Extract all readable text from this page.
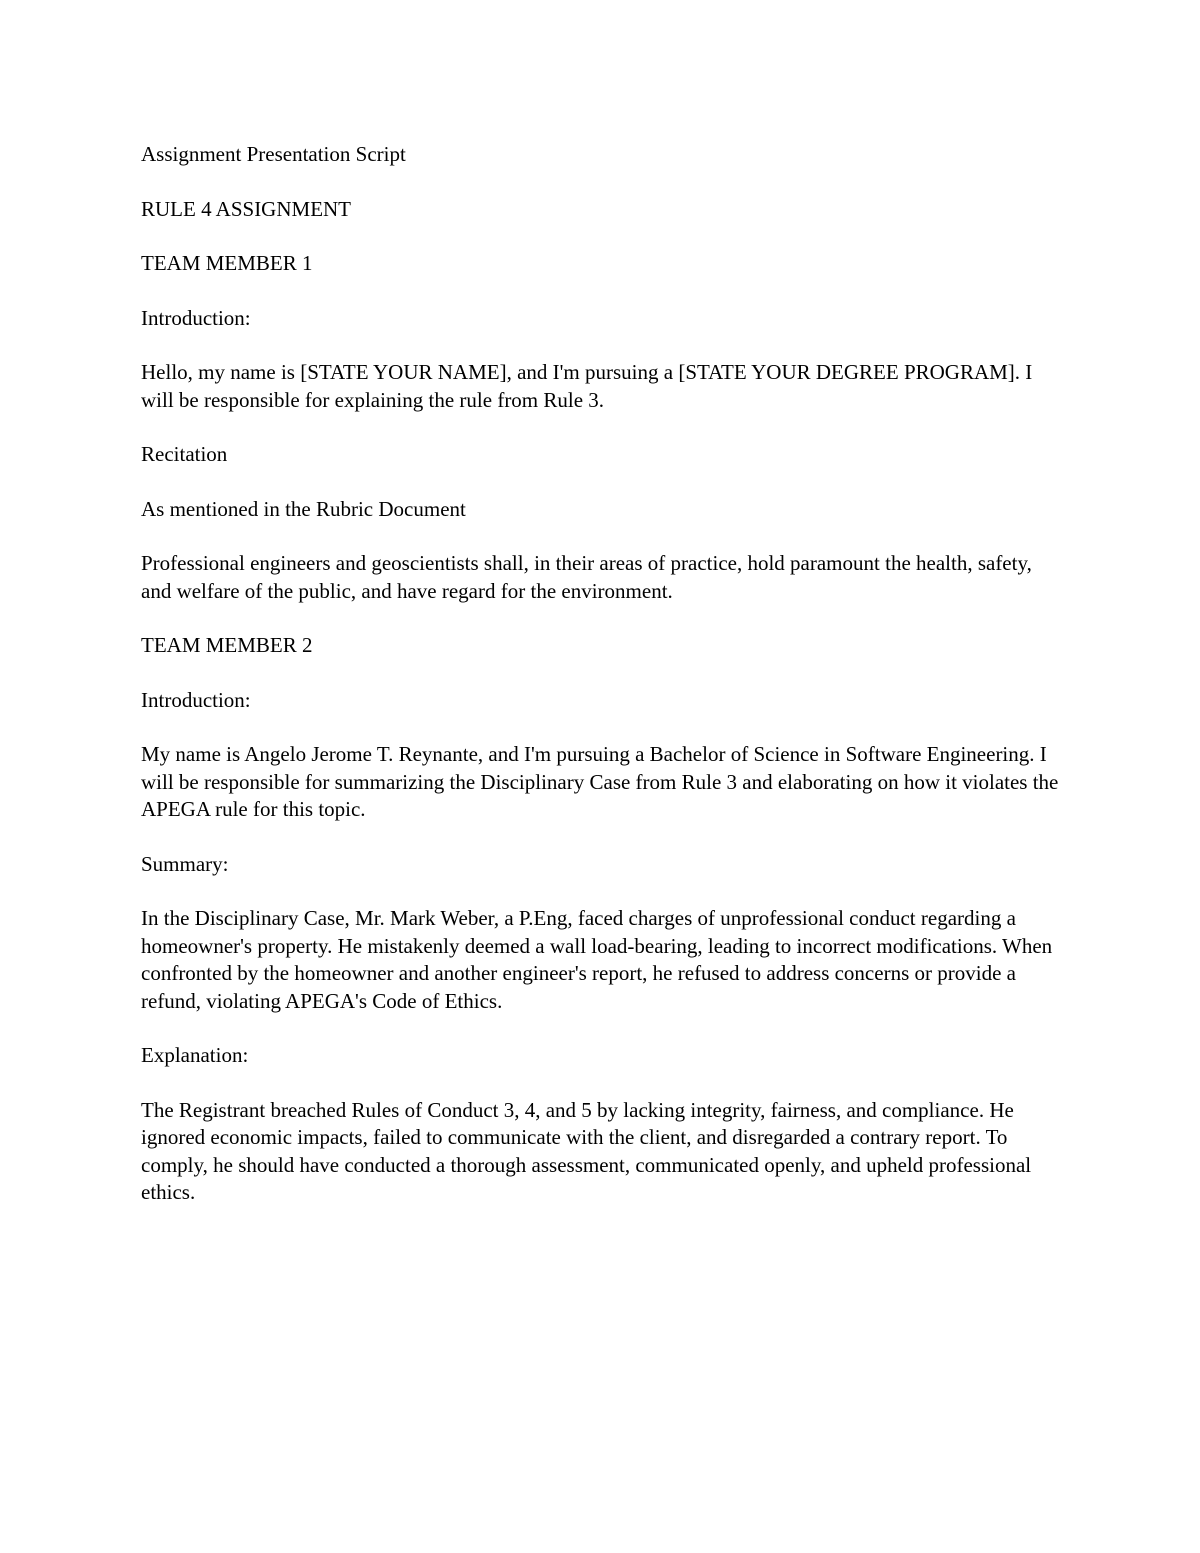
Assignment Presentation Script

RULE 4 ASSIGNMENT

TEAM MEMBER 1

Introduction:

Hello, my name is [STATE YOUR NAME], and I'm pursuing a [STATE YOUR DEGREE PROGRAM]. I will be responsible for explaining the rule from Rule 3.

Recitation

As mentioned in the Rubric Document

Professional engineers and geoscientists shall, in their areas of practice, hold paramount the health, safety, and welfare of the public, and have regard for the environment.

TEAM MEMBER 2

Introduction:

My name is Angelo Jerome T. Reynante, and I'm pursuing a Bachelor of Science in Software Engineering. I will be responsible for summarizing the Disciplinary Case from Rule 3 and elaborating on how it violates the APEGA rule for this topic.

Summary:

In the Disciplinary Case, Mr. Mark Weber, a P.Eng, faced charges of unprofessional conduct regarding a homeowner's property. He mistakenly deemed a wall load-bearing, leading to incorrect modifications. When confronted by the homeowner and another engineer's report, he refused to address concerns or provide a refund, violating APEGA's Code of Ethics.

Explanation:

The Registrant breached Rules of Conduct 3, 4, and 5 by lacking integrity, fairness, and compliance. He ignored economic impacts, failed to communicate with the client, and disregarded a contrary report. To comply, he should have conducted a thorough assessment, communicated openly, and upheld professional ethics.
